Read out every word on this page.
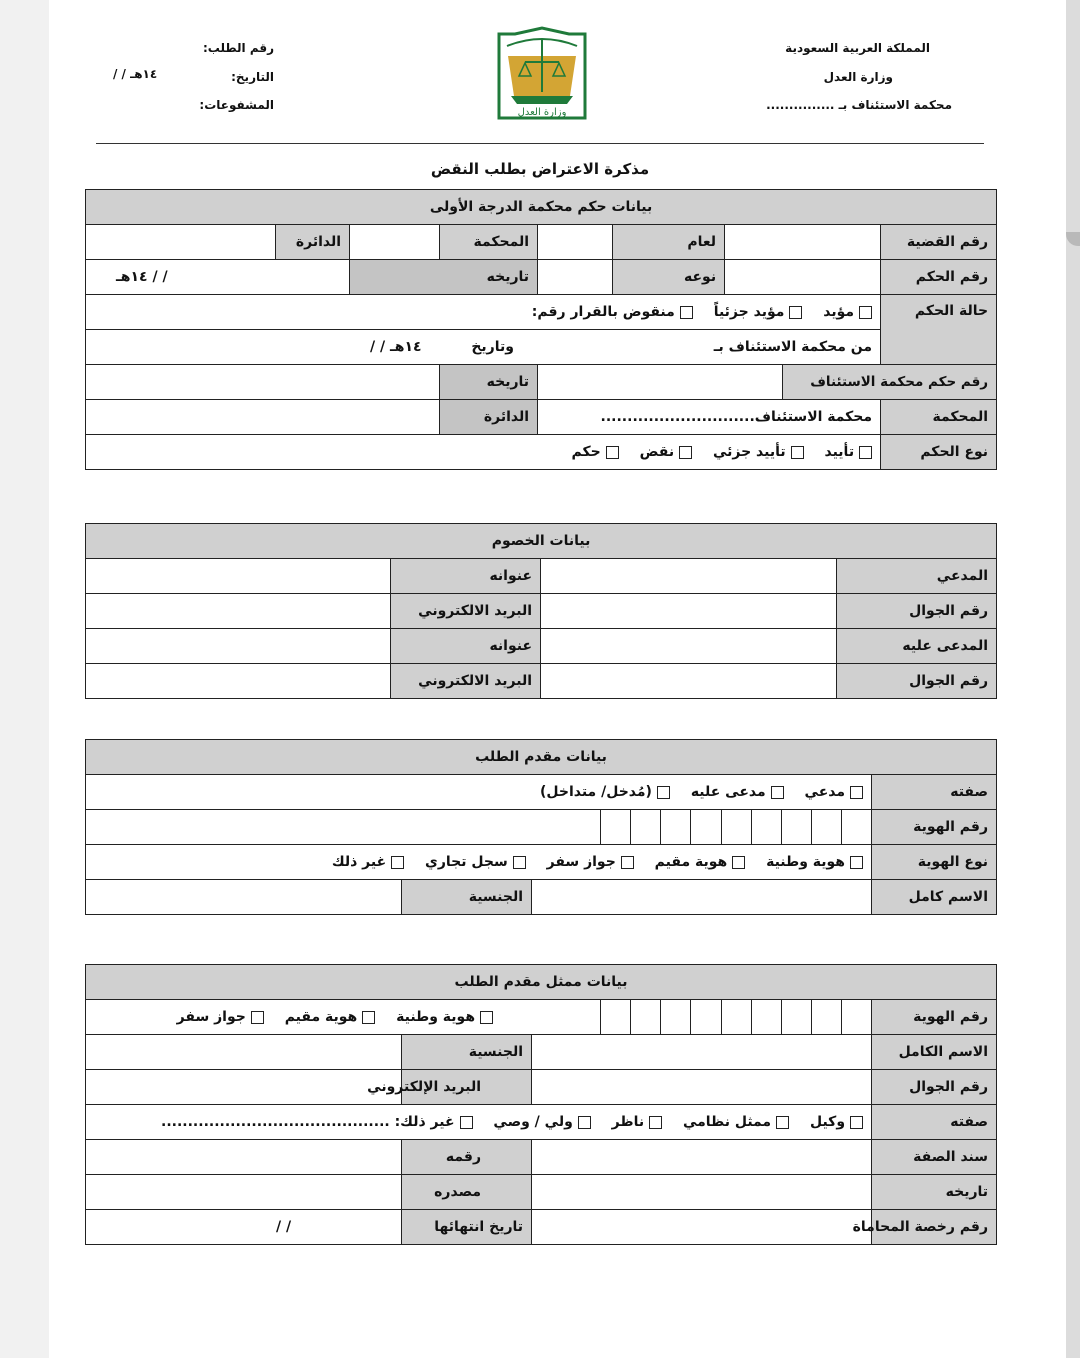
المملكة العربية السعودية
وزارة العدل
محكمة الاستئناف بـ ...............
رقم الطلب:
التاريخ:
/ / ١٤هـ
المشفوعات:
وزارة العدل
مذكرة الاعتراض بطلب النقض
بيانات حكم محكمة الدرجة الأولى								
رقم القضية			لعام		المحكمة		الدائرة	
رقم الحكم			نوعه		تاريخه		١٤هـ / /	
حالة الحكم	مؤيد مؤيد جزئياً منقوض بالقرار رقم:							
	من محكمة الاستئناف بـ  وتاريخ  / / ١٤هـ							
رقم حكم محكمة الاستئناف					تاريخه			
المحكمة	محكمة الاستئناف.............................				الدائرة			
نوع الحكم	تأييد تأييد جزئي نقض حكم							
بيانات الخصوم			
المدعي		عنوانه	
رقم الجوال		البريد الالكتروني	
المدعى عليه		عنوانه	
رقم الجوال		البريد الالكتروني	
بيانات مقدم الطلب			
صفته	مدعي مدعى عليه (مُدخل/ متداخل)		
رقم الهوية			

نوع الهوية	هوية وطنية هوية مقيم جواز سفر سجل تجاري غير ذلك		
الاسم كامل		الجنسية	
بيانات ممثل مقدم الطلب			
رقم الهوية	هوية وطنية هوية مقيم جواز سفر		

الاسم الكامل		الجنسية	
رقم الجوال		البريد الإلكتروني	
صفته	وكيل ممثل نظامي ناظر ولي / وصي غير ذلك: ...........................................		
سند الصفة		رقمه	
تاريخه		مصدره	
رقم رخصة المحاماة		تاريخ انتهائها	/ /
